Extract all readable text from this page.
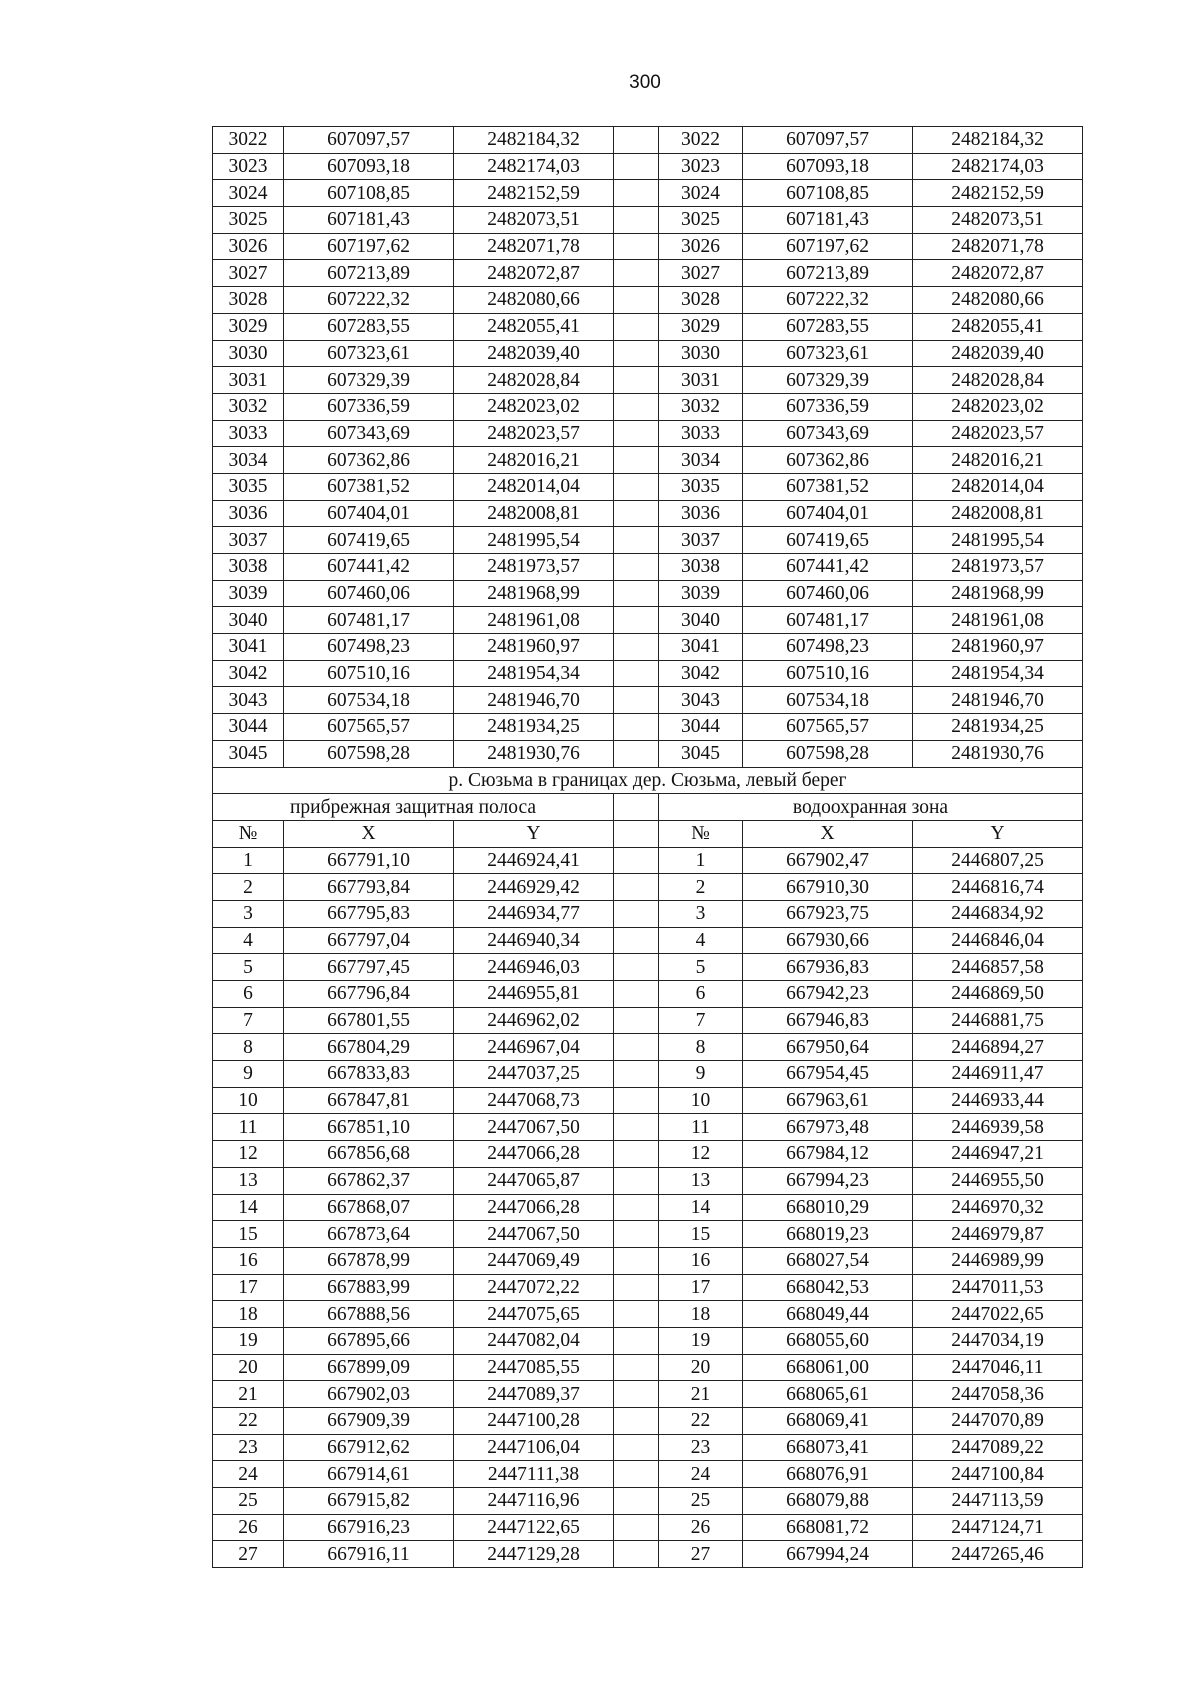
300
3022	607097,57	2482184,32		3022	607097,57	2482184,32
3023	607093,18	2482174,03		3023	607093,18	2482174,03
3024	607108,85	2482152,59		3024	607108,85	2482152,59
3025	607181,43	2482073,51		3025	607181,43	2482073,51
3026	607197,62	2482071,78		3026	607197,62	2482071,78
3027	607213,89	2482072,87		3027	607213,89	2482072,87
3028	607222,32	2482080,66		3028	607222,32	2482080,66
3029	607283,55	2482055,41		3029	607283,55	2482055,41
3030	607323,61	2482039,40		3030	607323,61	2482039,40
3031	607329,39	2482028,84		3031	607329,39	2482028,84
3032	607336,59	2482023,02		3032	607336,59	2482023,02
3033	607343,69	2482023,57		3033	607343,69	2482023,57
3034	607362,86	2482016,21		3034	607362,86	2482016,21
3035	607381,52	2482014,04		3035	607381,52	2482014,04
3036	607404,01	2482008,81		3036	607404,01	2482008,81
3037	607419,65	2481995,54		3037	607419,65	2481995,54
3038	607441,42	2481973,57		3038	607441,42	2481973,57
3039	607460,06	2481968,99		3039	607460,06	2481968,99
3040	607481,17	2481961,08		3040	607481,17	2481961,08
3041	607498,23	2481960,97		3041	607498,23	2481960,97
3042	607510,16	2481954,34		3042	607510,16	2481954,34
3043	607534,18	2481946,70		3043	607534,18	2481946,70
3044	607565,57	2481934,25		3044	607565,57	2481934,25
3045	607598,28	2481930,76		3045	607598,28	2481930,76
р. Сюзьма в границах дер. Сюзьма, левый берег						
прибрежная защитная полоса				водоохранная зона		
№	X	Y		№	X	Y
1	667791,10	2446924,41		1	667902,47	2446807,25
2	667793,84	2446929,42		2	667910,30	2446816,74
3	667795,83	2446934,77		3	667923,75	2446834,92
4	667797,04	2446940,34		4	667930,66	2446846,04
5	667797,45	2446946,03		5	667936,83	2446857,58
6	667796,84	2446955,81		6	667942,23	2446869,50
7	667801,55	2446962,02		7	667946,83	2446881,75
8	667804,29	2446967,04		8	667950,64	2446894,27
9	667833,83	2447037,25		9	667954,45	2446911,47
10	667847,81	2447068,73		10	667963,61	2446933,44
11	667851,10	2447067,50		11	667973,48	2446939,58
12	667856,68	2447066,28		12	667984,12	2446947,21
13	667862,37	2447065,87		13	667994,23	2446955,50
14	667868,07	2447066,28		14	668010,29	2446970,32
15	667873,64	2447067,50		15	668019,23	2446979,87
16	667878,99	2447069,49		16	668027,54	2446989,99
17	667883,99	2447072,22		17	668042,53	2447011,53
18	667888,56	2447075,65		18	668049,44	2447022,65
19	667895,66	2447082,04		19	668055,60	2447034,19
20	667899,09	2447085,55		20	668061,00	2447046,11
21	667902,03	2447089,37		21	668065,61	2447058,36
22	667909,39	2447100,28		22	668069,41	2447070,89
23	667912,62	2447106,04		23	668073,41	2447089,22
24	667914,61	2447111,38		24	668076,91	2447100,84
25	667915,82	2447116,96		25	668079,88	2447113,59
26	667916,23	2447122,65		26	668081,72	2447124,71
27	667916,11	2447129,28		27	667994,24	2447265,46
